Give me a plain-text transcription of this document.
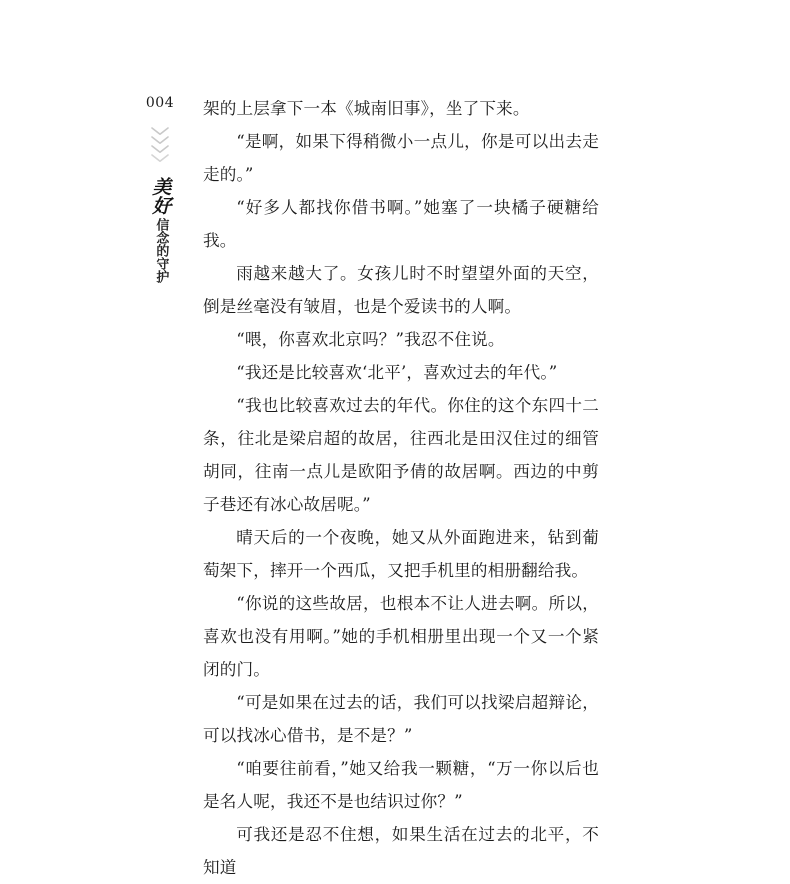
004
美好
信念的守护

架的上层拿下一本《城南旧事》，坐了下来。

“是啊，如果下得稍微小一点儿，你是可以出去走走的。”

“好多人都找你借书啊。”她塞了一块橘子硬糖给我。

雨越来越大了。女孩儿时不时望望外面的天空，倒是丝毫没有皱眉，也是个爱读书的人啊。

“喂，你喜欢北京吗？”我忍不住说。

“我还是比较喜欢‘北平’，喜欢过去的年代。”

“我也比较喜欢过去的年代。你住的这个东四十二条，往北是梁启超的故居，往西北是田汉住过的细管胡同，往南一点儿是欧阳予倩的故居啊。西边的中剪子巷还有冰心故居呢。”

晴天后的一个夜晚，她又从外面跑进来，钻到葡萄架下，摔开一个西瓜，又把手机里的相册翻给我。

“你说的这些故居，也根本不让人进去啊。所以，喜欢也没有用啊。”她的手机相册里出现一个又一个紧闭的门。

“可是如果在过去的话，我们可以找梁启超辩论，可以找冰心借书，是不是？”

“咱要往前看，”她又给我一颗糖，“万一你以后也是名人呢，我还不是也结识过你？”

可我还是忍不住想，如果生活在过去的北平，不知道
